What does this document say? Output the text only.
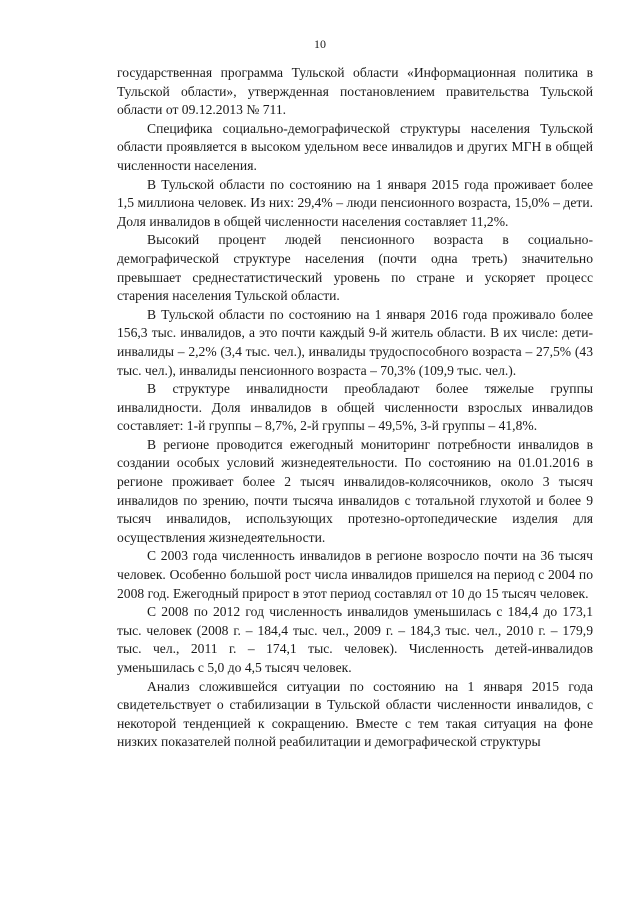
10

государственная программа Тульской области «Информационная политика в Тульской области», утвержденная постановлением правительства Тульской области от 09.12.2013 № 711.

Специфика социально-демографической структуры населения Тульской области проявляется в высоком удельном весе инвалидов и других МГН в общей численности населения.

В Тульской области по состоянию на 1 января 2015 года проживает более 1,5 миллиона человек. Из них: 29,4% – люди пенсионного возраста, 15,0% – дети. Доля инвалидов в общей численности населения составляет 11,2%.

Высокий процент людей пенсионного возраста в социально-демографической структуре населения (почти одна треть) значительно превышает среднестатистический уровень по стране и ускоряет процесс старения населения Тульской области.

В Тульской области по состоянию на 1 января 2016 года проживало более 156,3 тыс. инвалидов, а это почти каждый 9-й житель области. В их числе: дети-инвалиды – 2,2% (3,4 тыс. чел.), инвалиды трудоспособного возраста – 27,5% (43 тыс. чел.), инвалиды пенсионного возраста – 70,3% (109,9 тыс. чел.).

В структуре инвалидности преобладают более тяжелые группы инвалидности. Доля инвалидов в общей численности взрослых инвалидов составляет: 1-й группы – 8,7%, 2-й группы – 49,5%, 3-й группы – 41,8%.

В регионе проводится ежегодный мониторинг потребности инвалидов в создании особых условий жизнедеятельности. По состоянию на 01.01.2016 в регионе проживает более 2 тысяч инвалидов-колясочников, около 3 тысяч инвалидов по зрению, почти тысяча инвалидов с тотальной глухотой и более 9 тысяч инвалидов, использующих протезно-ортопедические изделия для осуществления жизнедеятельности.

С 2003 года численность инвалидов в регионе возросло почти на 36 тысяч человек. Особенно большой рост числа инвалидов пришелся на период с 2004 по 2008 год. Ежегодный прирост в этот период составлял от 10 до 15 тысяч человек.

С 2008 по 2012 год численность инвалидов уменьшилась с 184,4 до 173,1 тыс. человек (2008 г. – 184,4 тыс. чел., 2009 г. – 184,3 тыс. чел., 2010 г. – 179,9 тыс. чел., 2011 г. – 174,1 тыс. человек). Численность детей-инвалидов уменьшилась с 5,0 до 4,5 тысяч человек.

Анализ сложившейся ситуации по состоянию на 1 января 2015 года свидетельствует о стабилизации в Тульской области численности инвалидов, с некоторой тенденцией к сокращению. Вместе с тем такая ситуация на фоне низких показателей полной реабилитации и демографической структуры
